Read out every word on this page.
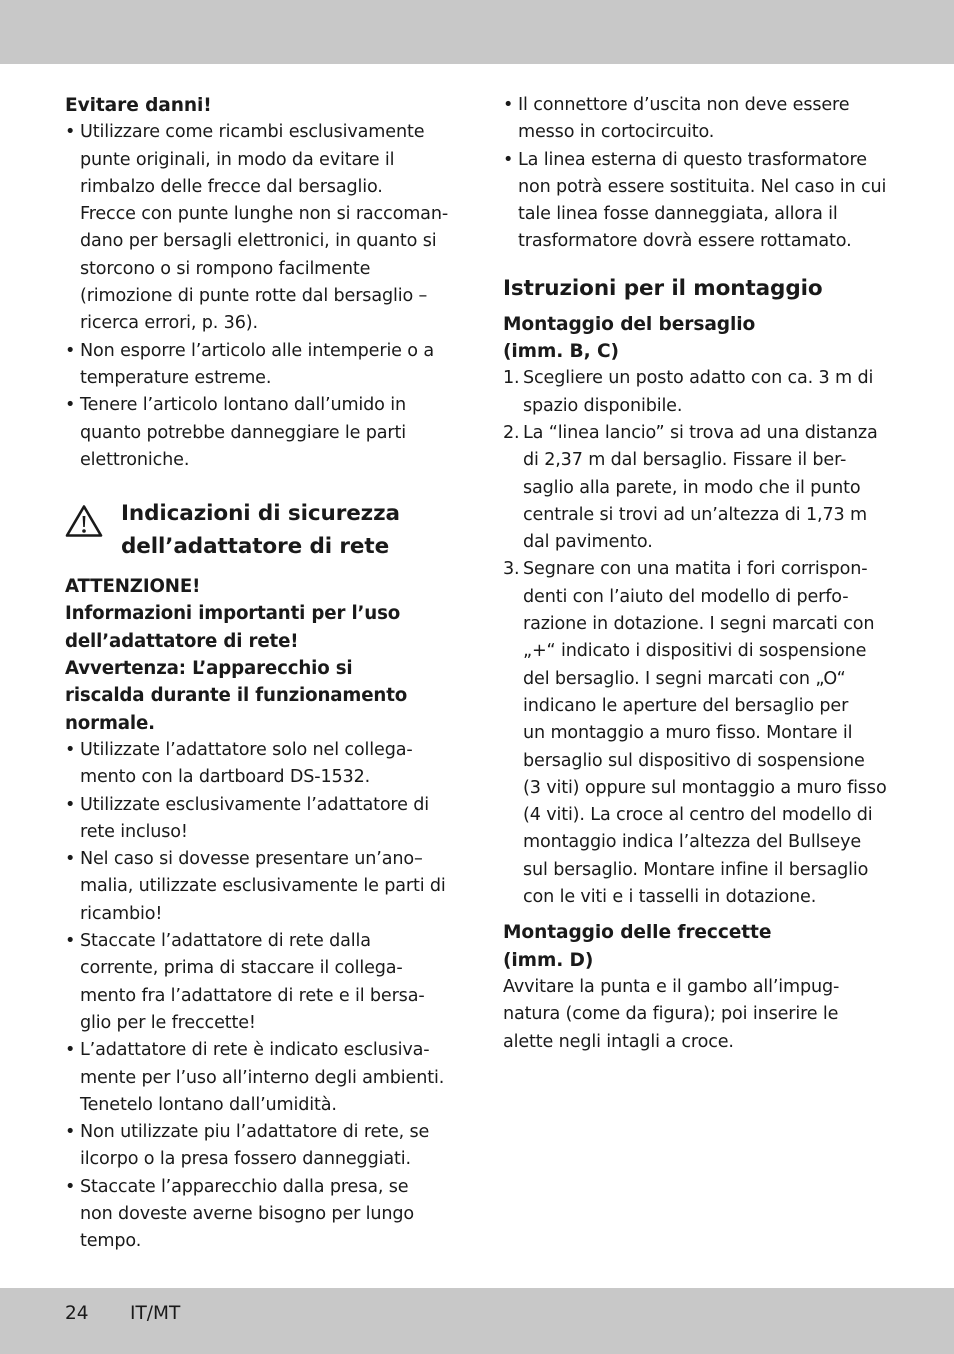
Evitare danni!
• Utilizzare come ricambi esclusivamente
punte originali, in modo da evitare il
rimbalzo delle frecce dal bersaglio.
Frecce con punte lunghe non si raccoman-
dano per bersagli elettronici, in quanto si
storcono o si rompono facilmente
(rimozione di punte rotte dal bersaglio –
ricerca errori, p. 36).
• Non esporre l’articolo alle intemperie o a
temperature estreme.
• Tenere l’articolo lontano dall’umido in
quanto potrebbe danneggiare le parti
elettroniche.
Indicazioni di sicurezza
dell’adattatore di rete
ATTENZIONE!
Informazioni importanti per l’uso
dell’adattatore di rete!
Avvertenza: L’apparecchio si
riscalda durante il funzionamento
normale.
• Utilizzate l’adattatore solo nel collega-
mento con la dartboard DS-1532.
• Utilizzate esclusivamente l’adattatore di
rete incluso!
• Nel caso si dovesse presentare un’ano–
malia, utilizzate esclusivamente le parti di
ricambio!
• Staccate l’adattatore di rete dalla
corrente, prima di staccare il collega-
mento fra l’adattatore di rete e il bersa-
glio per le freccette!
• L’adattatore di rete è indicato esclusiva-
mente per l’uso all’interno degli ambienti.
Tenetelo lontano dall’umidità.
• Non utilizzate piu l’adattatore di rete, se
ilcorpo o la presa fossero danneggiati.
• Staccate l’apparecchio dalla presa, se
non doveste averne bisogno per lungo
tempo.
• Il connettore d’uscita non deve essere
messo in cortocircuito.
• La linea esterna di questo trasformatore
non potrà essere sostituita. Nel caso in cui
tale linea fosse danneggiata, allora il
trasformatore dovrà essere rottamato.
Istruzioni per il montaggio
Montaggio del bersaglio
(imm. B, C)
1. Scegliere un posto adatto con ca. 3 m di
spazio disponibile.
2. La “linea lancio” si trova ad una distanza
di 2,37 m dal bersaglio. Fissare il ber-
saglio alla parete, in modo che il punto
centrale si trovi ad un’altezza di 1,73 m
dal pavimento.
3. Segnare con una matita i fori corrispon-
denti con l’aiuto del modello di perfo-
razione in dotazione. I segni marcati con
„+“ indicato i dispositivi di sospensione
del bersaglio. I segni marcati con „O“
indicano le aperture del bersaglio per
un montaggio a muro fisso. Montare il
bersaglio sul dispositivo di sospensione
(3 viti) oppure sul montaggio a muro fisso
(4 viti). La croce al centro del modello di
montaggio indica l’altezza del Bullseye
sul bersaglio. Montare infine il bersaglio
con le viti e i tasselli in dotazione.
Montaggio delle freccette
(imm. D)

Avvitare la punta e il gambo all’impug-
natura (come da figura); poi inserire le
alette negli intagli a croce.

24 IT/MT
